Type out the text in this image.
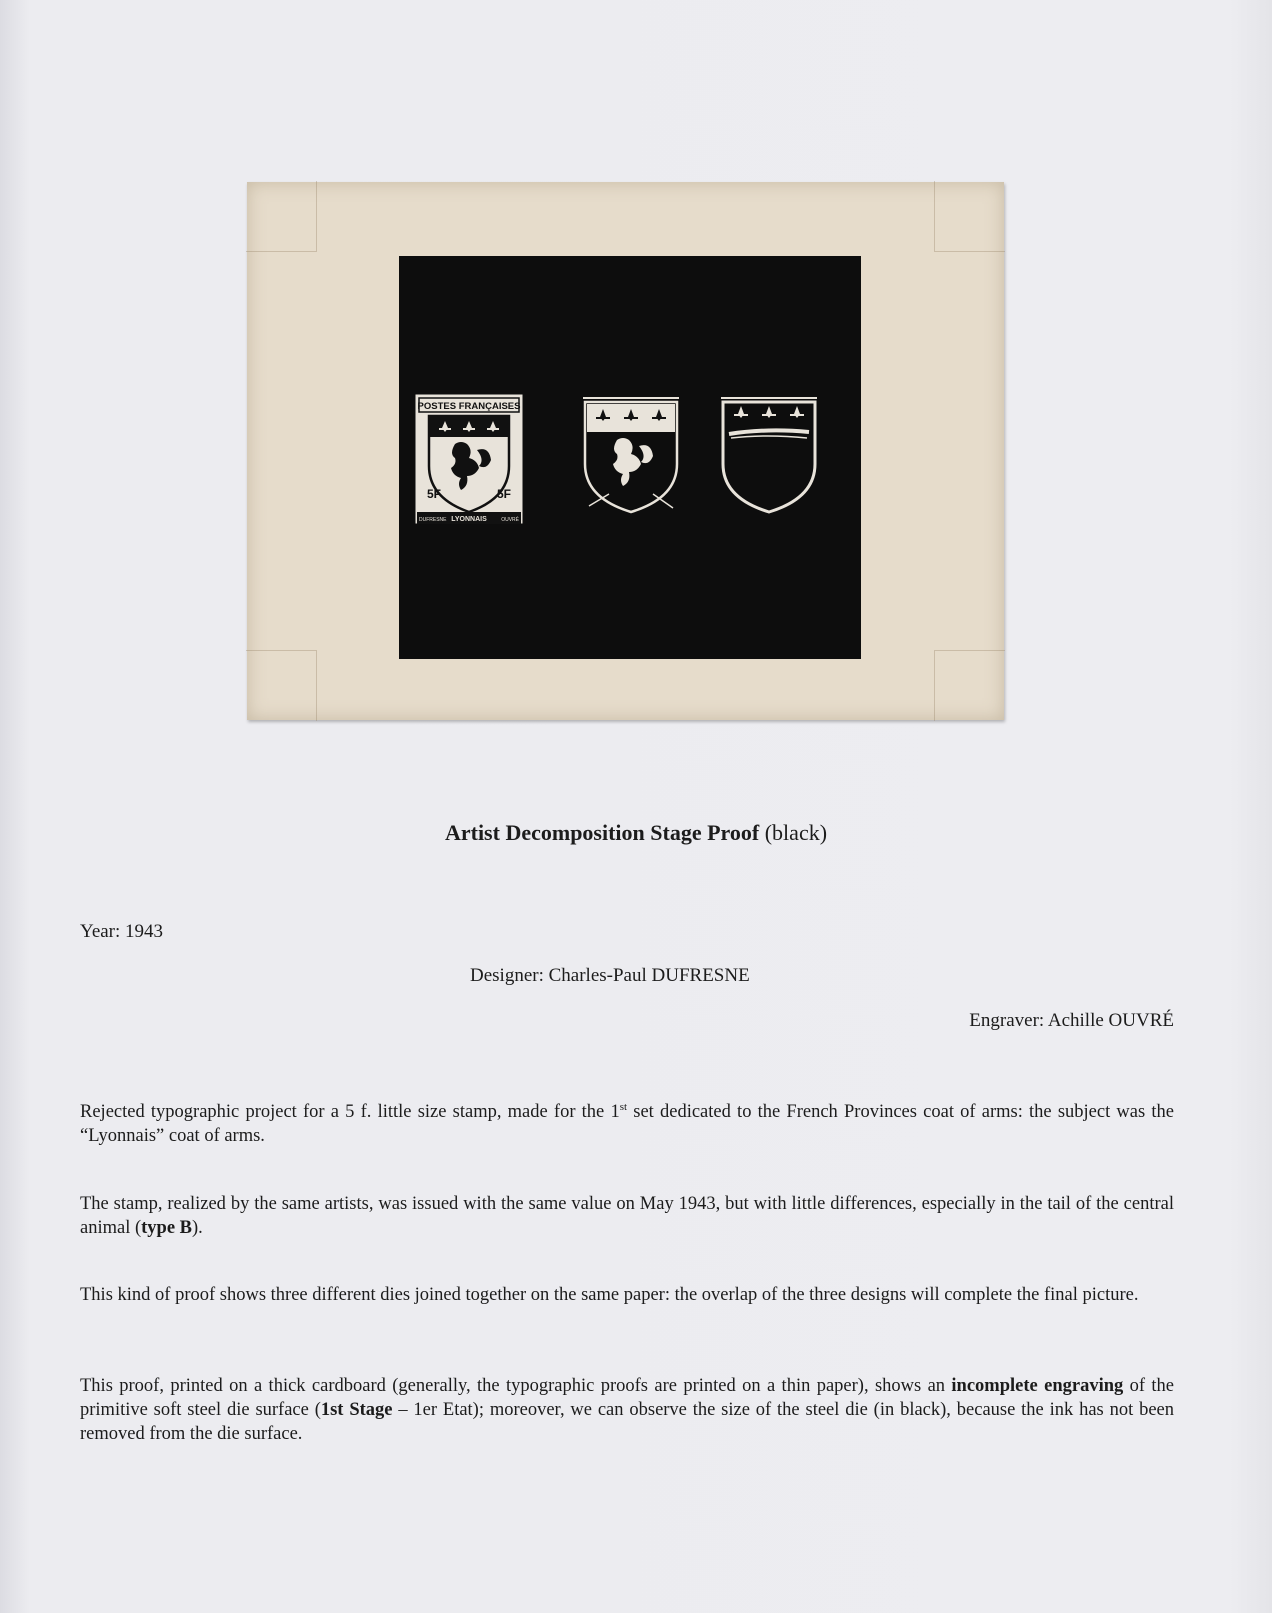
POSTES FRANÇAISES
5F	5F
DUFRESNE LYONNAIS	OUVRÉ
Artist Decomposition Stage Proof (black)
Year: 1943
Designer: Charles-Paul DUFRESNE
Engraver: Achille OUVRÉ
Rejected typographic project for a 5 f. little size stamp, made for the 1st set dedicated to the French Provinces coat of arms: the subject was the “Lyonnais” coat of arms.
The stamp, realized by the same artists, was issued with the same value on May 1943, but with little differences, especially in the tail of the central animal (type B).
This kind of proof shows three different dies joined together on the same paper: the overlap of the three designs will complete the final picture.
This proof, printed on a thick cardboard (generally, the typographic proofs are printed on a thin paper), shows an incomplete engraving of the primitive soft steel die surface (1st Stage – 1er Etat); moreover, we can observe the size of the steel die (in black), because the ink has not been removed from the die surface.
